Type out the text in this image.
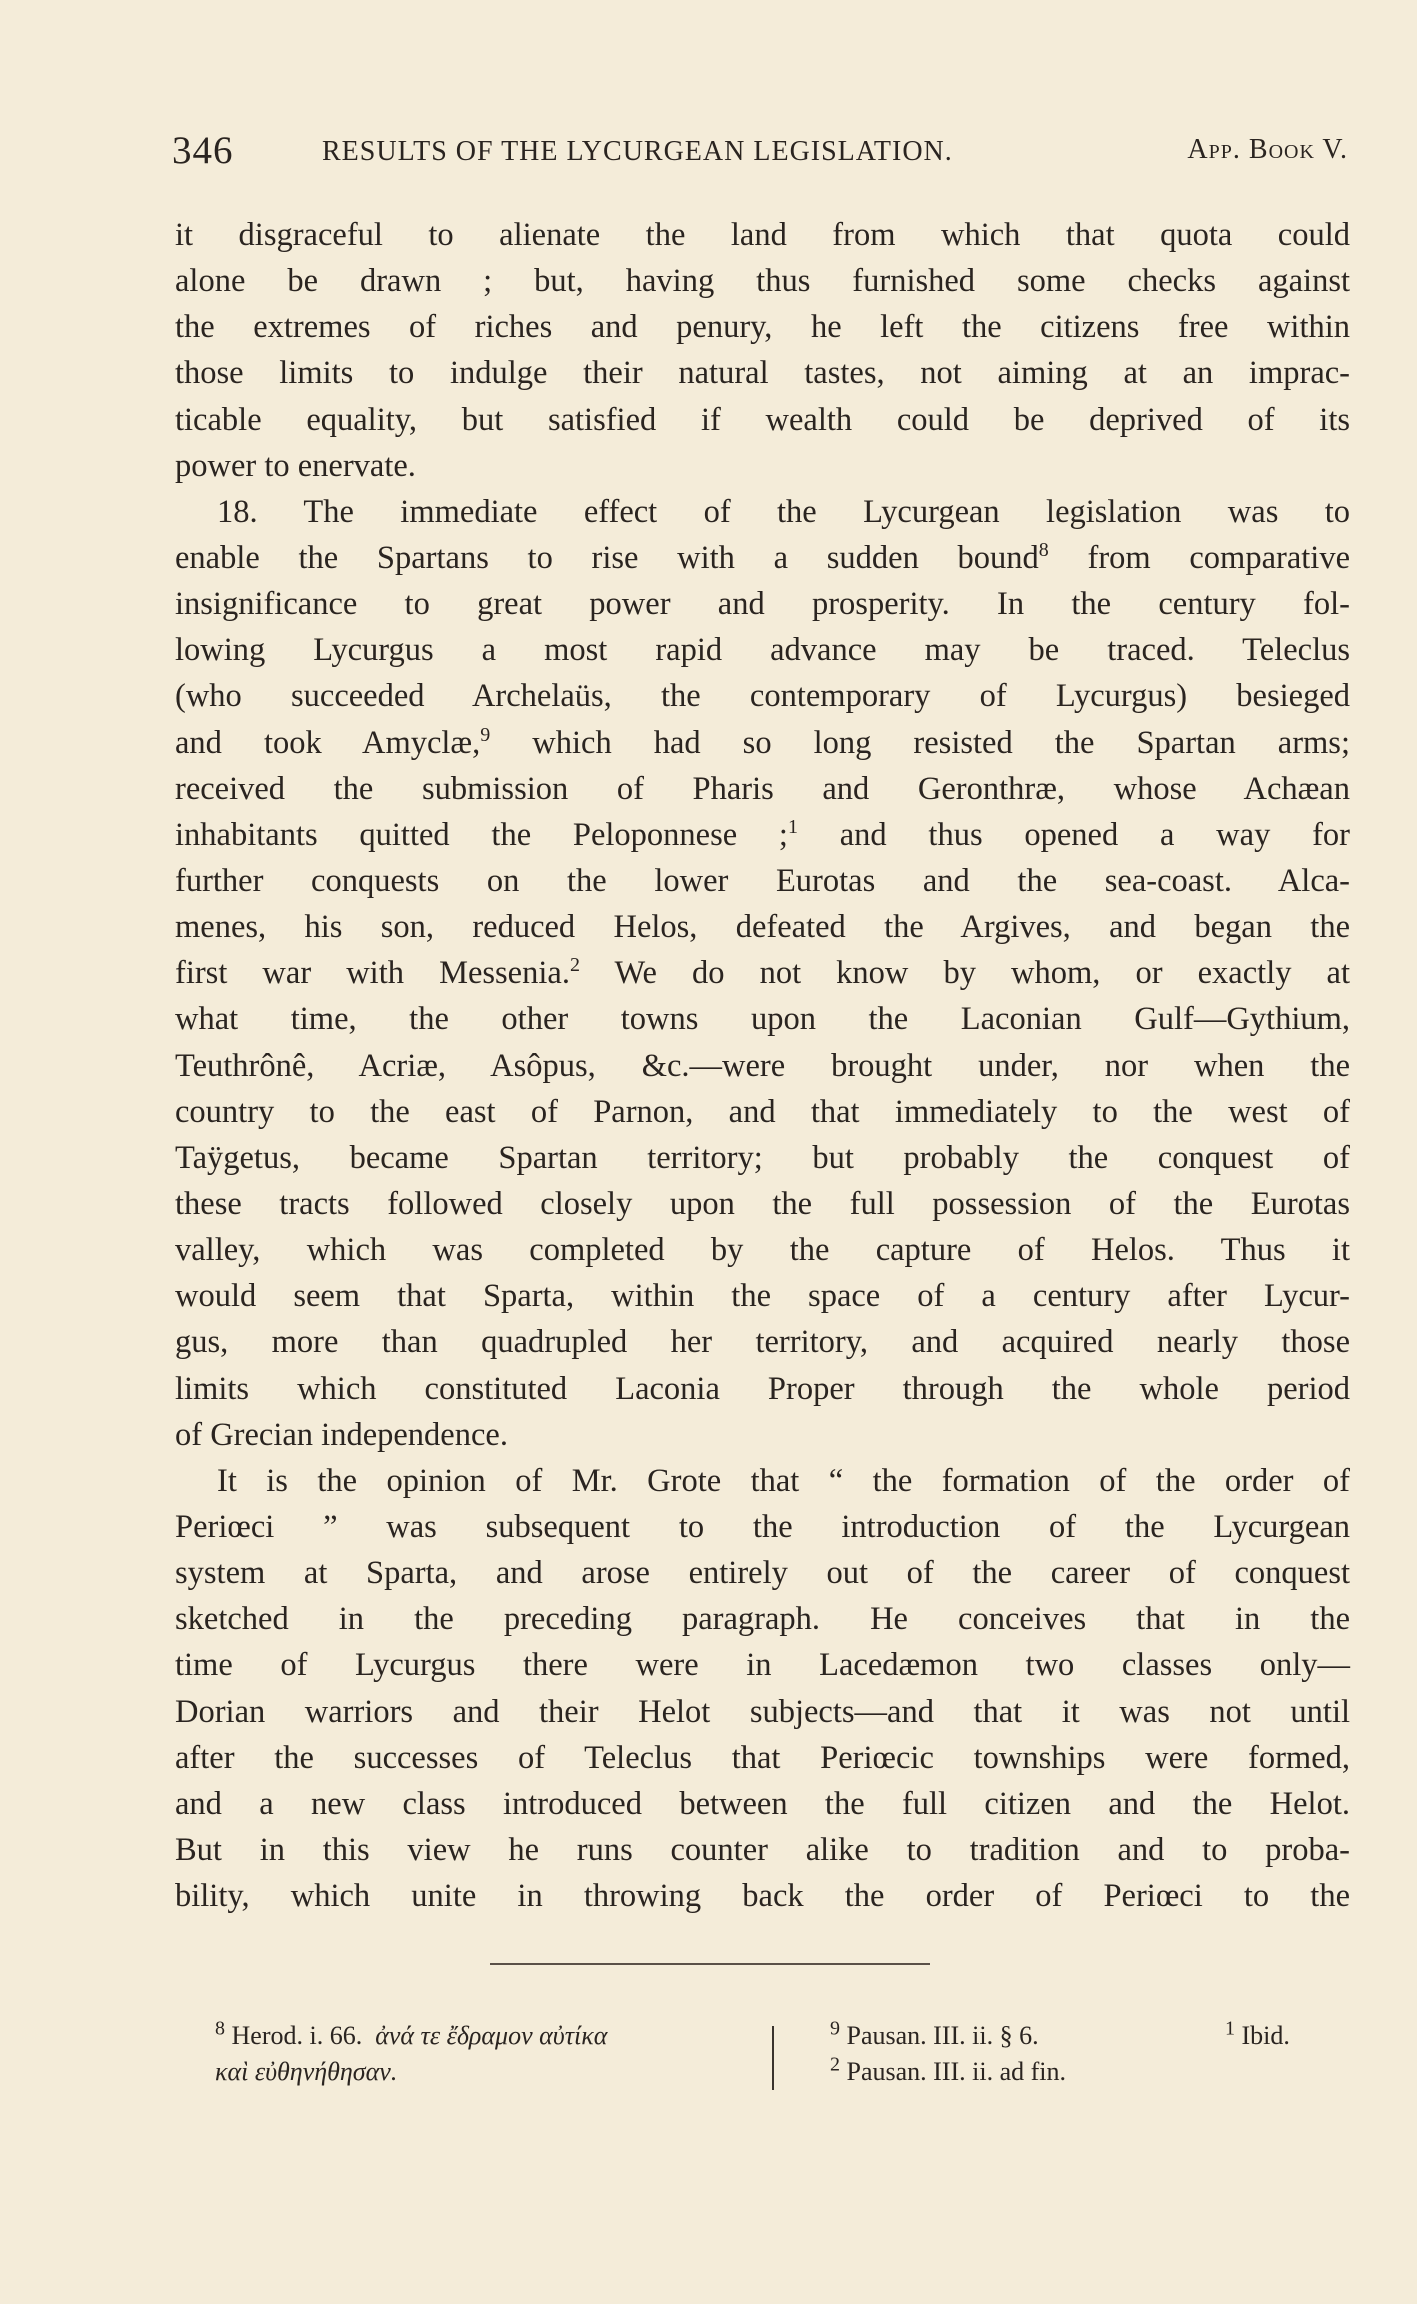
346	RESULTS OF THE LYCURGEAN LEGISLATION.	App. Book V.
it disgraceful to alienate the land from which that quota could
alone be drawn ; but, having thus furnished some checks against
the extremes of riches and penury, he left the citizens free within
those limits to indulge their natural tastes, not aiming at an imprac-
ticable equality, but satisfied if wealth could be deprived of its
power to enervate.
18. The immediate effect of the Lycurgean legislation was to
enable the Spartans to rise with a sudden bound$^8$ from comparative
insignificance to great power and prosperity. In the century fol-
lowing Lycurgus a most rapid advance may be traced. Teleclus
(who succeeded Archelaüs, the contemporary of Lycurgus) besieged
and took Amyclæ,$^9$ which had so long resisted the Spartan arms;
received the submission of Pharis and Geronthræ, whose Achæan
inhabitants quitted the Peloponnese ;$^1$ and thus opened a way for
further conquests on the lower Eurotas and the sea-coast. Alca-
menes, his son, reduced Helos, defeated the Argives, and began the
first war with Messenia.$^2$ We do not know by whom, or exactly at
what time, the other towns upon the Laconian Gulf—Gythium,
Teuthrônê, Acriæ, Asôpus, &c.—were brought under, nor when the
country to the east of Parnon, and that immediately to the west of
Taÿgetus, became Spartan territory; but probably the conquest of
these tracts followed closely upon the full possession of the Eurotas
valley, which was completed by the capture of Helos. Thus it
would seem that Sparta, within the space of a century after Lycur-
gus, more than quadrupled her territory, and acquired nearly those
limits which constituted Laconia Proper through the whole period
of Grecian independence.
It is the opinion of Mr. Grote that “ the formation of the order of
Periœci ” was subsequent to the introduction of the Lycurgean
system at Sparta, and arose entirely out of the career of conquest
sketched in the preceding paragraph. He conceives that in the
time of Lycurgus there were in Lacedæmon two classes only—
Dorian warriors and their Helot subjects—and that it was not until
after the successes of Teleclus that Periœcic townships were formed,
and a new class introduced between the full citizen and the Helot.
But in this view he runs counter alike to tradition and to proba-
bility, which unite in throwing back the order of Periœci to the
$^8$ Herod. i. 66. ἀνά τε ἔδραμον αὐτίκα
καὶ εὐθηνήθησαν.
$^9$ Pausan. III. ii. § 6.
$^2$ Pausan. III. ii. ad fin.
$^1$ Ibid.
